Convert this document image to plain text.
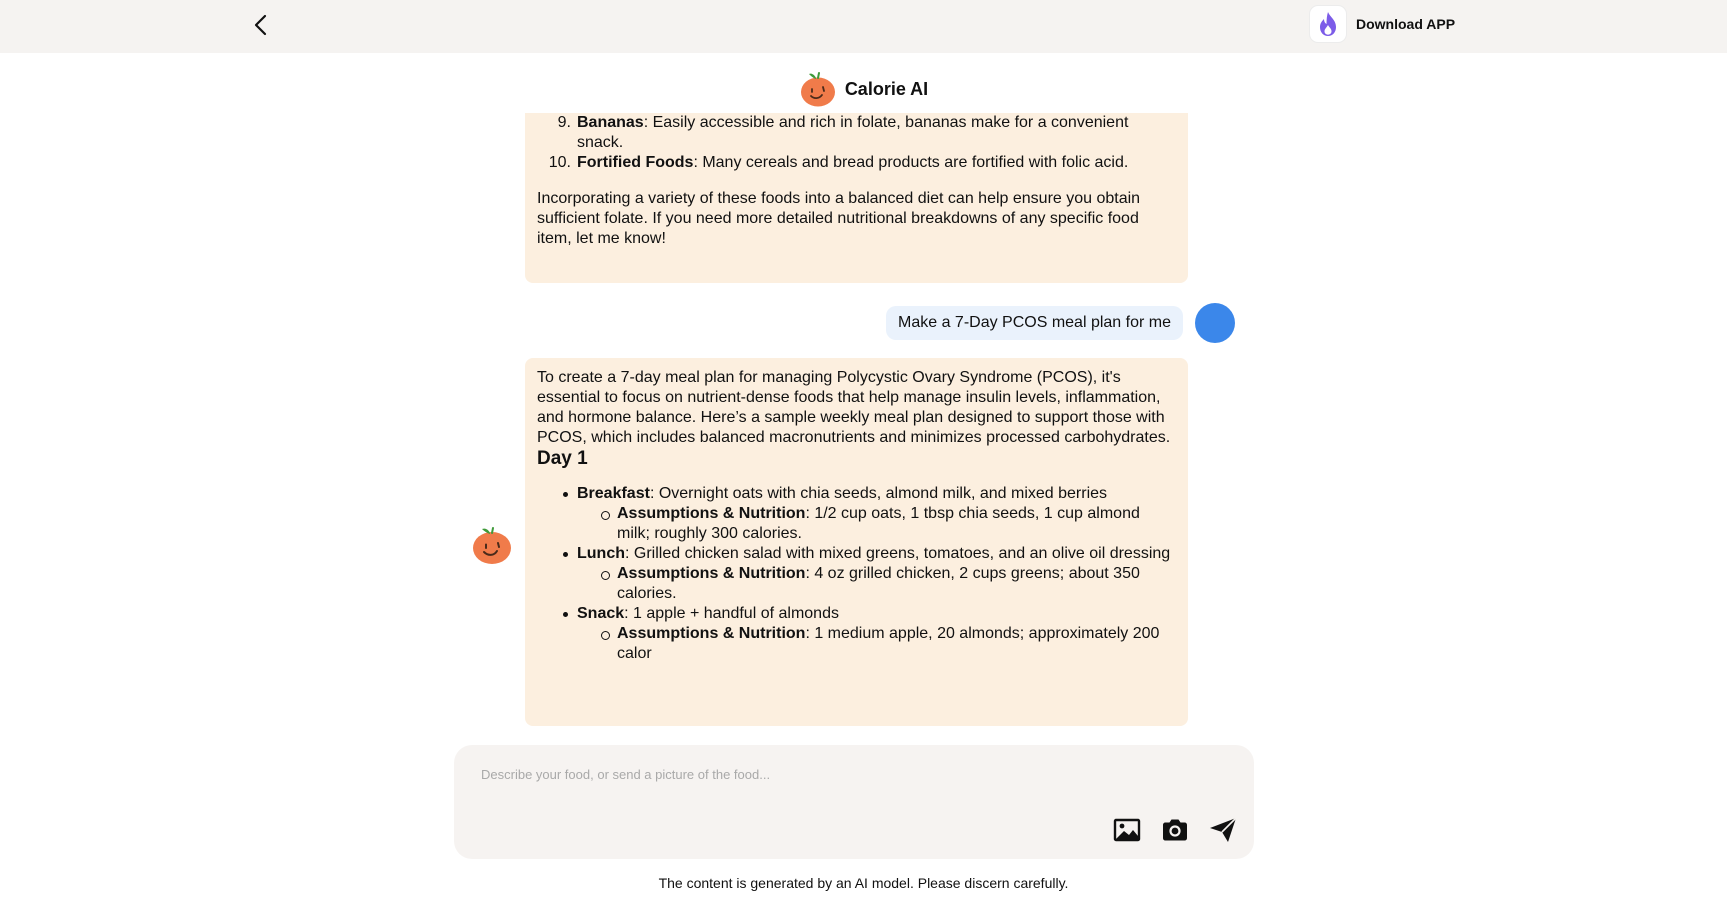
Download APP
Calorie AI
9. Bananas: Easily accessible and rich in folate, bananas make for a convenient snack.
10. Fortified Foods: Many cereals and bread products are fortified with folic acid.

Incorporating a variety of these foods into a balanced diet can help ensure you obtain sufficient folate. If you need more detailed nutritional breakdowns of any specific food item, let me know!

Make a 7-Day PCOS meal plan for me

To create a 7-day meal plan for managing Polycystic Ovary Syndrome (PCOS), it's essential to focus on nutrient-dense foods that help manage insulin levels, inflammation, and hormone balance. Here’s a sample weekly meal plan designed to support those with PCOS, which includes balanced macronutrients and minimizes processed carbohydrates.

Day 1
Breakfast: Overnight oats with chia seeds, almond milk, and mixed berries
Assumptions & Nutrition: 1/2 cup oats, 1 tbsp chia seeds, 1 cup almond milk; roughly 300 calories.
Lunch: Grilled chicken salad with mixed greens, tomatoes, and an olive oil dressing
Assumptions & Nutrition: 4 oz grilled chicken, 2 cups greens; about 350 calories.
Snack: 1 apple + handful of almonds
Assumptions & Nutrition: 1 medium apple, 20 almonds; approximately 200 calor
Describe your food, or send a picture of the food...
The content is generated by an AI model. Please discern carefully.
